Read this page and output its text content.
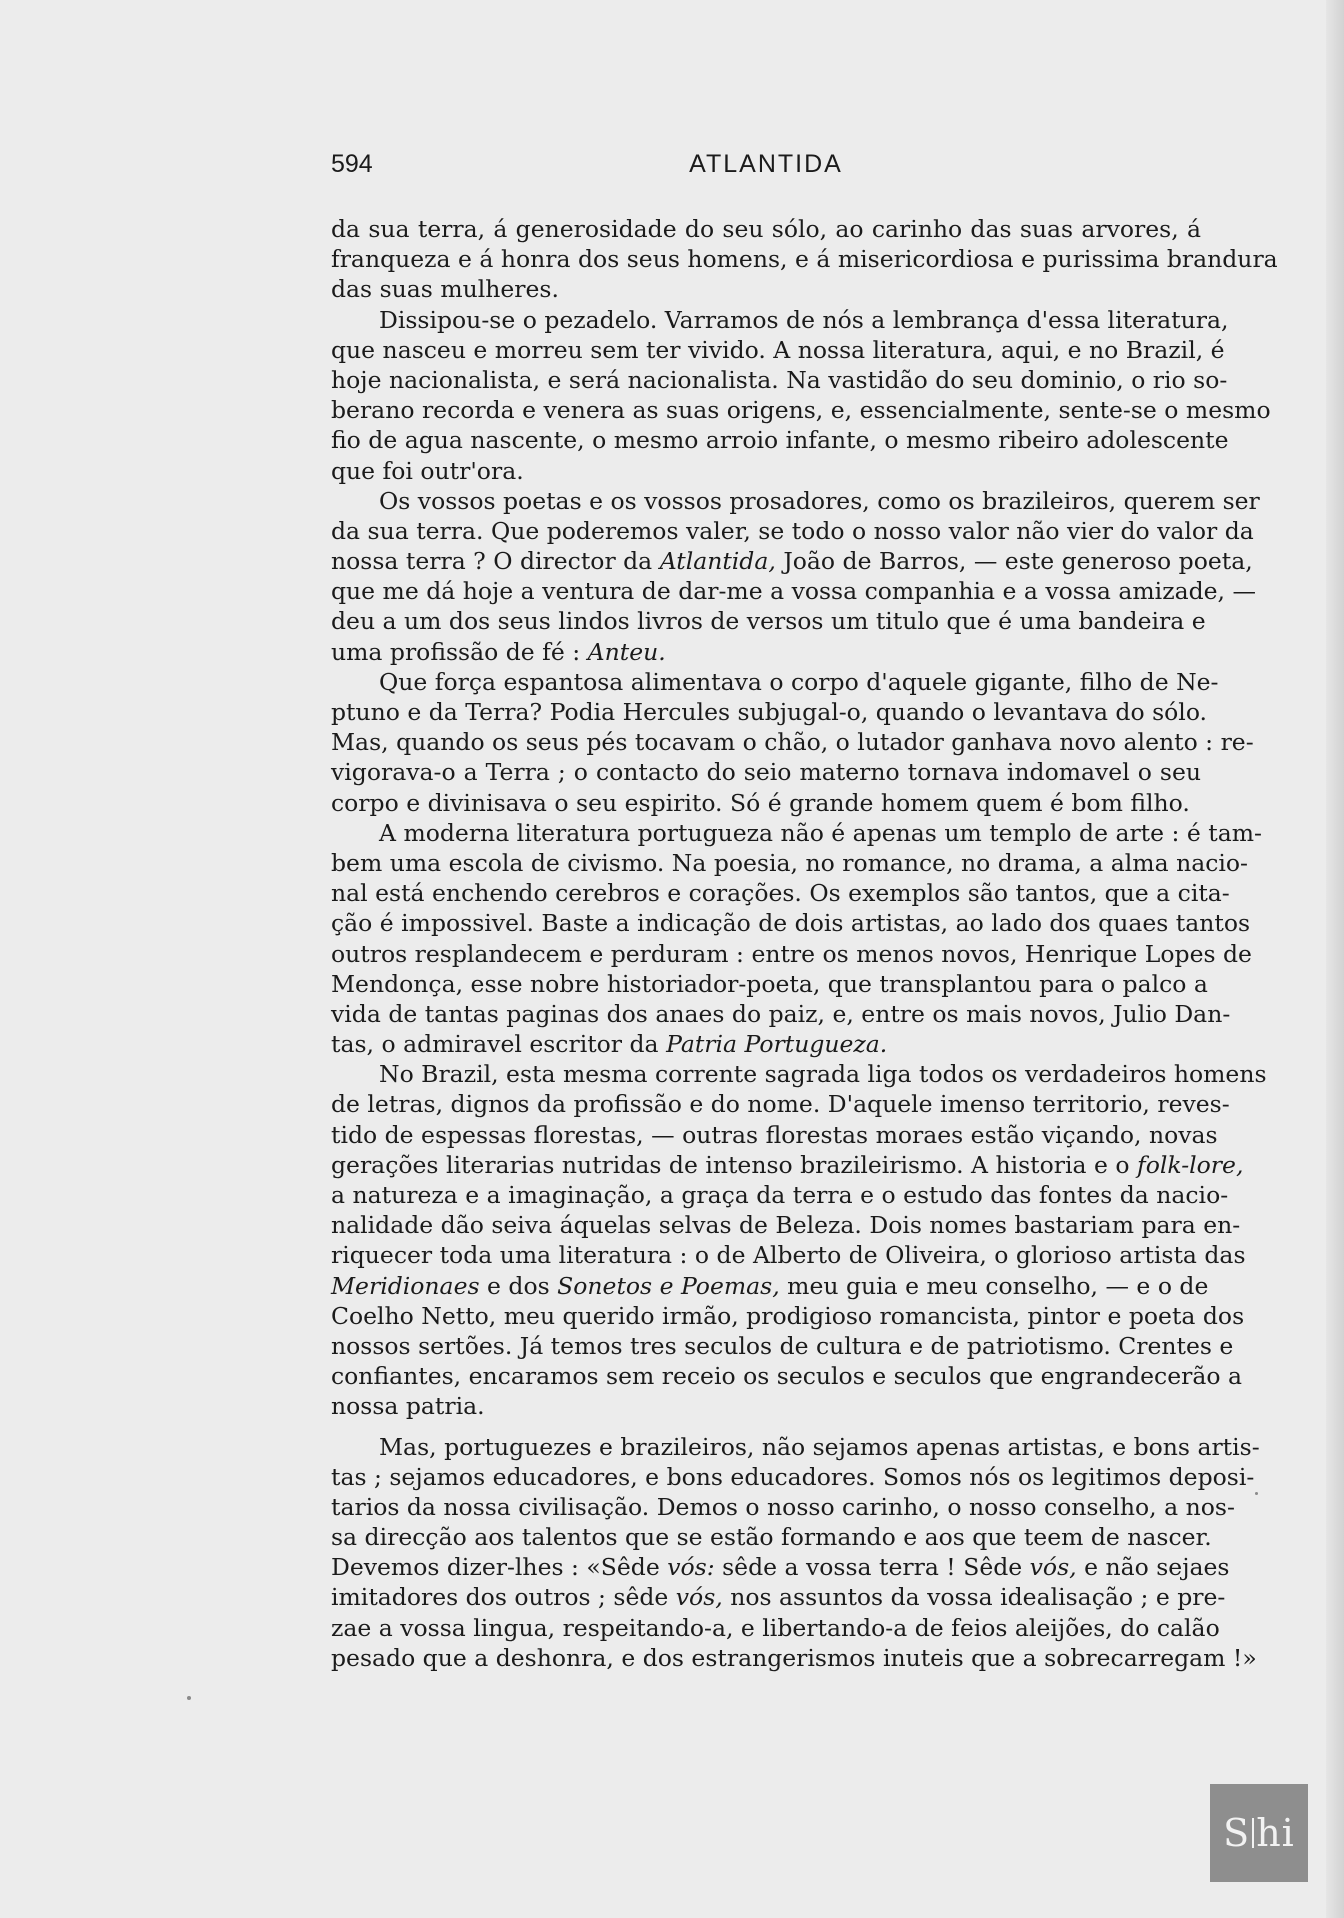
594	ATLANTIDA
da sua terra, á generosidade do seu sólo, ao carinho das suas arvores, á
franqueza e á honra dos seus homens, e á misericordiosa e purissima brandura
das suas mulheres.
Dissipou-se o pezadelo. Varramos de nós a lembrança d'essa literatura,
que nasceu e morreu sem ter vivido. A nossa literatura, aqui, e no Brazil, é
hoje nacionalista, e será nacionalista. Na vastidão do seu dominio, o rio so-
berano recorda e venera as suas origens, e, essencialmente, sente-se o mesmo
fio de agua nascente, o mesmo arroio infante, o mesmo ribeiro adolescente
que foi outr'ora.
Os vossos poetas e os vossos prosadores, como os brazileiros, querem ser
da sua terra. Que poderemos valer, se todo o nosso valor não vier do valor da
nossa terra ? O director da Atlantida, João de Barros, — este generoso poeta,
que me dá hoje a ventura de dar-me a vossa companhia e a vossa amizade, —
deu a um dos seus lindos livros de versos um titulo que é uma bandeira e
uma profissão de fé : Anteu.
Que força espantosa alimentava o corpo d'aquele gigante, filho de Ne-
ptuno e da Terra? Podia Hercules subjugal-o, quando o levantava do sólo.
Mas, quando os seus pés tocavam o chão, o lutador ganhava novo alento : re-
vigorava-o a Terra ; o contacto do seio materno tornava indomavel o seu
corpo e divinisava o seu espirito. Só é grande homem quem é bom filho.
A moderna literatura portugueza não é apenas um templo de arte : é tam-
bem uma escola de civismo. Na poesia, no romance, no drama, a alma nacio-
nal está enchendo cerebros e corações. Os exemplos são tantos, que a cita-
ção é impossivel. Baste a indicação de dois artistas, ao lado dos quaes tantos
outros resplandecem e perduram : entre os menos novos, Henrique Lopes de
Mendonça, esse nobre historiador-poeta, que transplantou para o palco a
vida de tantas paginas dos anaes do paiz, e, entre os mais novos, Julio Dan-
tas, o admiravel escritor da Patria Portugueza.
No Brazil, esta mesma corrente sagrada liga todos os verdadeiros homens
de letras, dignos da profissão e do nome. D'aquele imenso territorio, reves-
tido de espessas florestas, — outras florestas moraes estão viçando, novas
gerações literarias nutridas de intenso brazileirismo. A historia e o folk-lore,
a natureza e a imaginação, a graça da terra e o estudo das fontes da nacio-
nalidade dão seiva áquelas selvas de Beleza. Dois nomes bastariam para en-
riquecer toda uma literatura : o de Alberto de Oliveira, o glorioso artista das
Meridionaes e dos Sonetos e Poemas, meu guia e meu conselho, — e o de
Coelho Netto, meu querido irmão, prodigioso romancista, pintor e poeta dos
nossos sertões. Já temos tres seculos de cultura e de patriotismo. Crentes e
confiantes, encaramos sem receio os seculos e seculos que engrandecerão a
nossa patria.
Mas, portuguezes e brazileiros, não sejamos apenas artistas, e bons artis-
tas ; sejamos educadores, e bons educadores. Somos nós os legitimos deposi-
tarios da nossa civilisação. Demos o nosso carinho, o nosso conselho, a nos-
sa direcção aos talentos que se estão formando e aos que teem de nascer.
Devemos dizer-lhes : «Sêde vós: sêde a vossa terra ! Sêde vós, e não sejaes
imitadores dos outros ; sêde vós, nos assuntos da vossa idealisação ; e pre-
zae a vossa lingua, respeitando-a, e libertando-a de feios aleijões, do calão
pesado que a deshonra, e dos estrangerismos inuteis que a sobrecarregam !»
S hi
